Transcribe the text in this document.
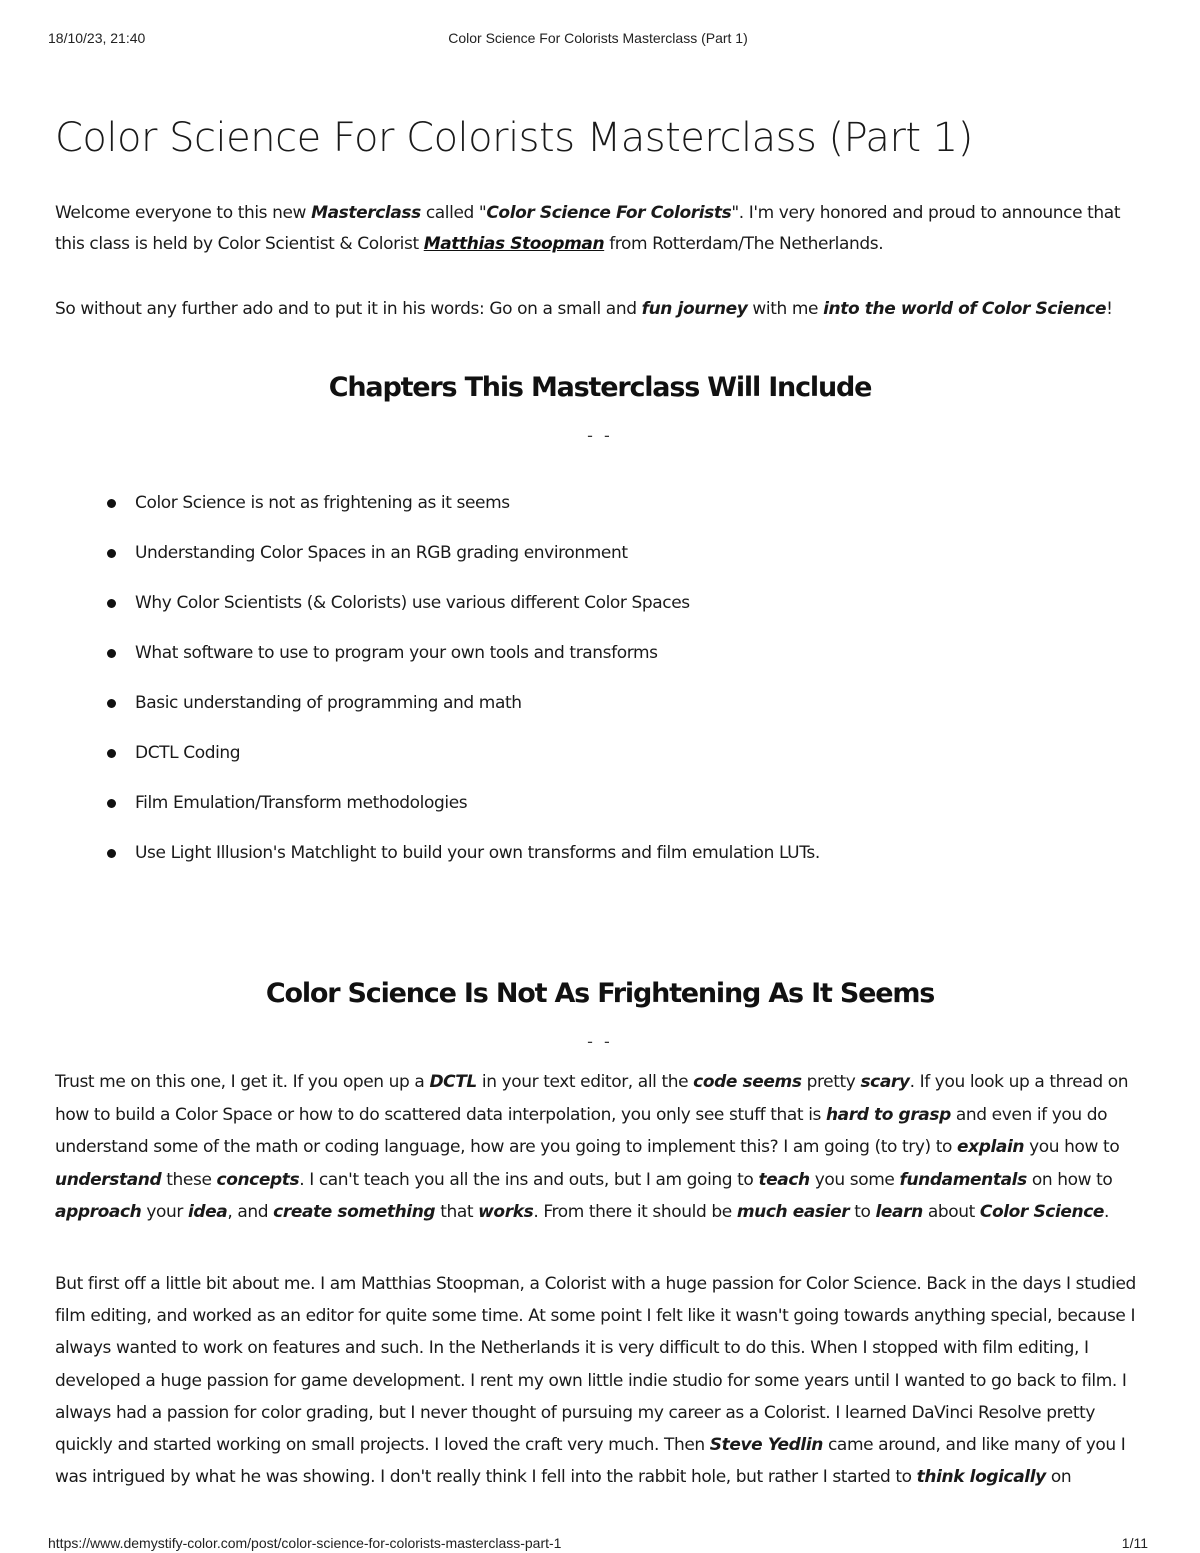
18/10/23, 21:40	Color Science For Colorists Masterclass (Part 1)
Color Science For Colorists Masterclass (Part 1)

Welcome everyone to this new Masterclass called "Color Science For Colorists". I'm very honored and proud to announce that this class is held by Color Scientist & Colorist Matthias Stoopman from Rotterdam/The Netherlands.

So without any further ado and to put it in his words: Go on a small and fun journey with me into the world of Color Science!

Chapters This Masterclass Will Include
- -
Color Science is not as frightening as it seems
Understanding Color Spaces in an RGB grading environment
Why Color Scientists (& Colorists) use various different Color Spaces
What software to use to program your own tools and transforms
Basic understanding of programming and math
DCTL Coding
Film Emulation/Transform methodologies
Use Light Illusion's Matchlight to build your own transforms and film emulation LUTs.
Color Science Is Not As Frightening As It Seems
- -

Trust me on this one, I get it. If you open up a DCTL in your text editor, all the code seems pretty scary. If you look up a thread on how to build a Color Space or how to do scattered data interpolation, you only see stuff that is hard to grasp and even if you do understand some of the math or coding language, how are you going to implement this? I am going (to try) to explain you how to understand these concepts. I can't teach you all the ins and outs, but I am going to teach you some fundamentals on how to approach your idea, and create something that works. From there it should be much easier to learn about Color Science.

But first off a little bit about me. I am Matthias Stoopman, a Colorist with a huge passion for Color Science. Back in the days I studied film editing, and worked as an editor for quite some time. At some point I felt like it wasn't going towards anything special, because I always wanted to work on features and such. In the Netherlands it is very difficult to do this. When I stopped with film editing, I developed a huge passion for game development. I rent my own little indie studio for some years until I wanted to go back to film. I always had a passion for color grading, but I never thought of pursuing my career as a Colorist. I learned DaVinci Resolve pretty quickly and started working on small projects. I loved the craft very much. Then Steve Yedlin came around, and like many of you I was intrigued by what he was showing. I don't really think I fell into the rabbit hole, but rather I started to think logically on

https://www.demystify-color.com/post/color-science-for-colorists-masterclass-part-1	1/11
